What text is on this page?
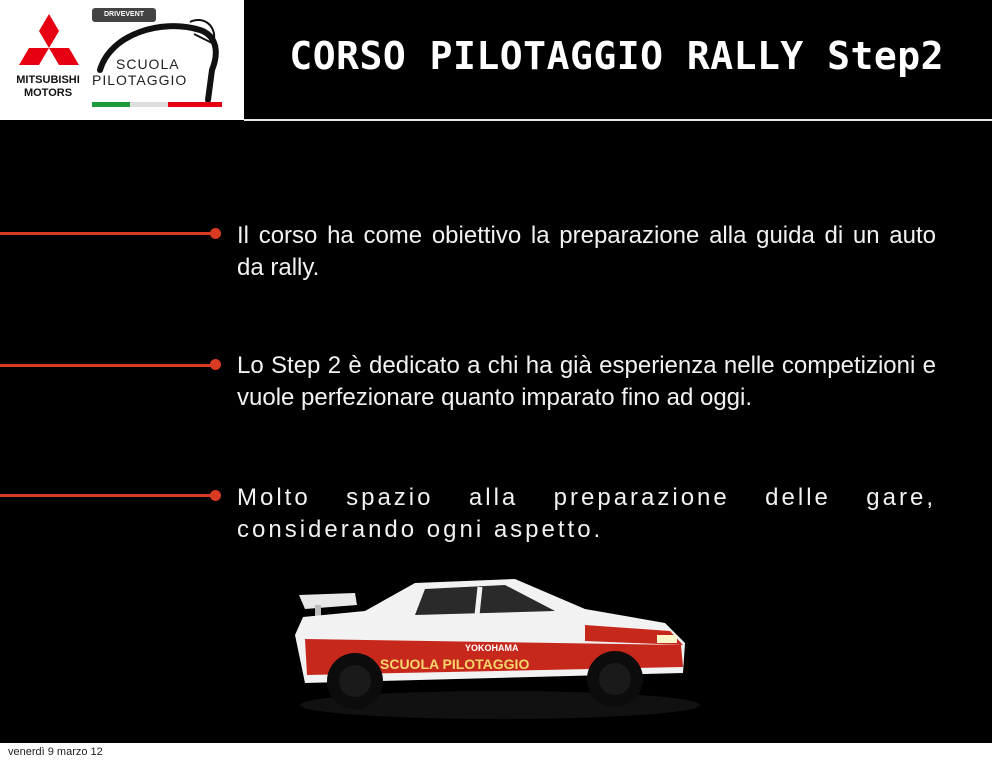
MITSUBISHI
MOTORS
DRIVEVENT
SCUOLA
PILOTAGGIO
CORSO PILOTAGGIO RALLY Step2

Il corso ha come obiettivo la preparazione alla guida di un auto da rally.

Lo Step 2 è dedicato a chi ha già esperienza nelle competizioni e vuole perfezionare quanto imparato fino ad oggi.

Molto spazio alla preparazione delle gare, considerando ogni aspetto.

SCUOLA PILOTAGGIO
YOKOHAMA
venerdì 9 marzo 12
